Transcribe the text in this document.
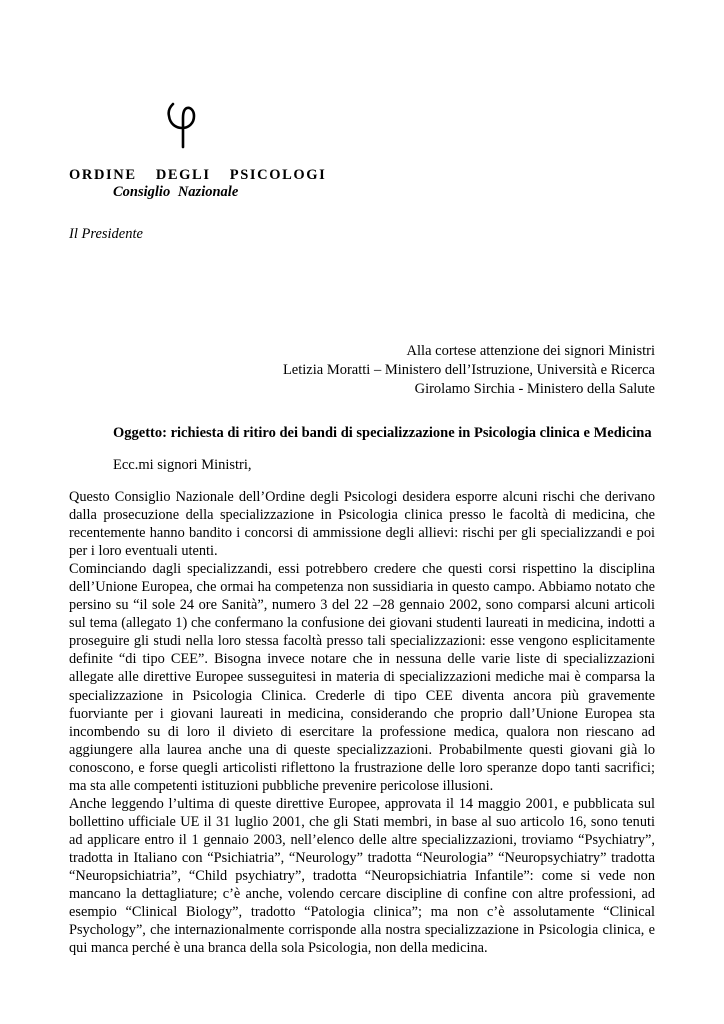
ORDINE DEGLI PSICOLOGI
Consiglio Nazionale
Il Presidente
Alla cortese attenzione dei signori Ministri
Letizia Moratti – Ministero dell’Istruzione, Università e Ricerca
Girolamo Sirchia - Ministero della Salute
Oggetto: richiesta di ritiro dei bandi di specializzazione in Psicologia clinica e Medicina
Ecc.mi signori Ministri,

Questo Consiglio Nazionale dell’Ordine degli Psicologi desidera esporre alcuni rischi che derivano dalla prosecuzione della specializzazione in Psicologia clinica presso le facoltà di medicina, che recentemente hanno bandito i concorsi di ammissione degli allievi: rischi per gli specializzandi e poi per i loro eventuali utenti.

Cominciando dagli specializzandi, essi potrebbero credere che questi corsi rispettino la disciplina dell’Unione Europea, che ormai ha competenza non sussidiaria in questo campo. Abbiamo notato che persino su “il sole 24 ore Sanità”, numero 3 del 22 –28 gennaio 2002, sono comparsi alcuni articoli sul tema (allegato 1) che confermano la confusione dei giovani studenti laureati in medicina, indotti a proseguire gli studi nella loro stessa facoltà presso tali specializzazioni: esse vengono esplicitamente definite “di tipo CEE”. Bisogna invece notare che in nessuna delle varie liste di specializzazioni allegate alle direttive Europee susseguitesi in materia di specializzazioni mediche mai è comparsa la specializzazione in Psicologia Clinica. Crederle di tipo CEE diventa ancora più gravemente fuorviante per i giovani laureati in medicina, considerando che proprio dall’Unione Europea sta incombendo su di loro il divieto di esercitare la professione medica, qualora non riescano ad aggiungere alla laurea anche una di queste specializzazioni. Probabilmente questi giovani già lo conoscono, e forse quegli articolisti riflettono la frustrazione delle loro speranze dopo tanti sacrifici; ma sta alle competenti istituzioni pubbliche prevenire pericolose illusioni.

Anche leggendo l’ultima di queste direttive Europee, approvata il 14 maggio 2001, e pubblicata sul bollettino ufficiale UE il 31 luglio 2001, che gli Stati membri, in base al suo articolo 16, sono tenuti ad applicare entro il 1 gennaio 2003, nell’elenco delle altre specializzazioni, troviamo “Psychiatry”, tradotta in Italiano con “Psichiatria”, “Neurology” tradotta “Neurologia” “Neuropsychiatry” tradotta “Neuropsichiatria”, “Child psychiatry”, tradotta “Neuropsichiatria Infantile”: come si vede non mancano la dettagliature; c’è anche, volendo cercare discipline di confine con altre professioni, ad esempio “Clinical Biology”, tradotto “Patologia clinica”; ma non c’è assolutamente “Clinical Psychology”, che internazionalmente corrisponde alla nostra specializzazione in Psicologia clinica, e qui manca perché è una branca della sola Psicologia, non della medicina.
